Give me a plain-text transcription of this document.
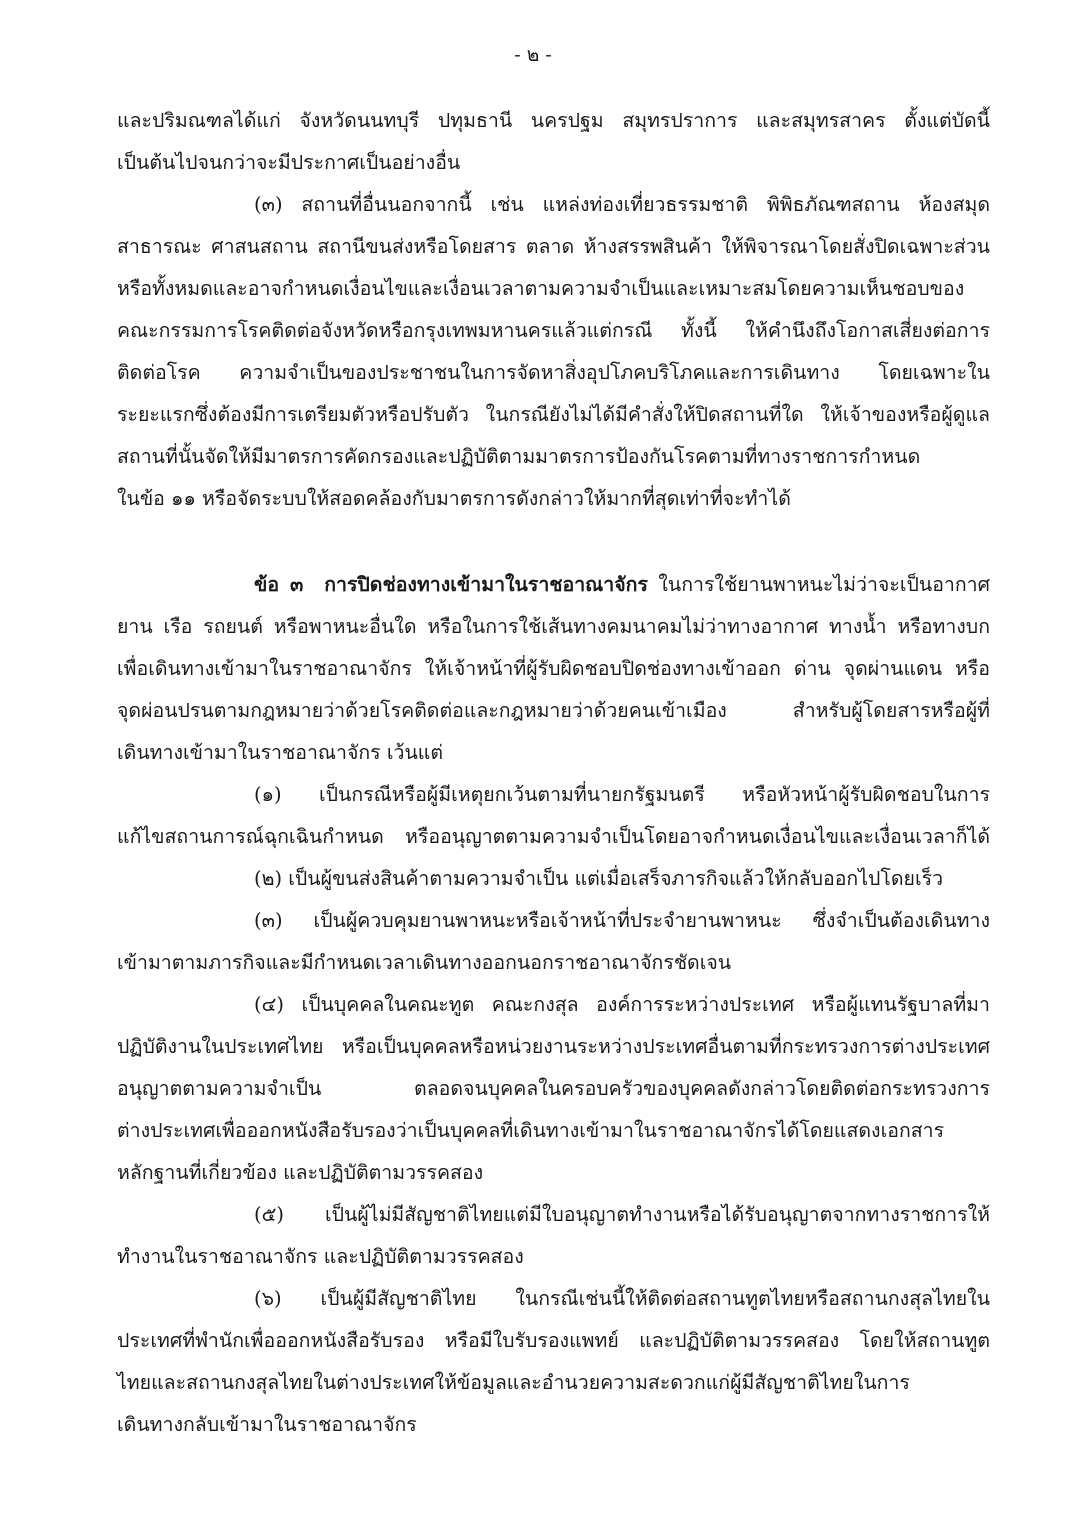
- ๒ -
และปริมณฑลได้แก่ จังหวัดนนทบุรี ปทุมธานี นครปฐม สมุทรปราการ และสมุทรสาคร ตั้งแต่บัดนี้
เป็นต้นไปจนกว่าจะมีประกาศเป็นอย่างอื่น
(๓) สถานที่อื่นนอกจากนี้ เช่น แหล่งท่องเที่ยวธรรมชาติ พิพิธภัณฑสถาน ห้องสมุด
สาธารณะ ศาสนสถาน สถานีขนส่งหรือโดยสาร ตลาด ห้างสรรพสินค้า ให้พิจารณาโดยสั่งปิดเฉพาะส่วน
หรือทั้งหมดและอาจกำหนดเงื่อนไขและเงื่อนเวลาตามความจำเป็นและเหมาะสมโดยความเห็นชอบของ
คณะกรรมการโรคติดต่อจังหวัดหรือกรุงเทพมหานครแล้วแต่กรณี ทั้งนี้ ให้คำนึงถึงโอกาสเสี่ยงต่อการ
ติดต่อโรค ความจำเป็นของประชาชนในการจัดหาสิ่งอุปโภคบริโภคและการเดินทาง โดยเฉพาะใน
ระยะแรกซึ่งต้องมีการเตรียมตัวหรือปรับตัว ในกรณียังไม่ได้มีคำสั่งให้ปิดสถานที่ใด ให้เจ้าของหรือผู้ดูแล
สถานที่นั้นจัดให้มีมาตรการคัดกรองและปฏิบัติตามมาตรการป้องกันโรคตามที่ทางราชการกำหนด
ในข้อ ๑๑ หรือจัดระบบให้สอดคล้องกับมาตรการดังกล่าวให้มากที่สุดเท่าที่จะทำได้
ข้อ ๓ การปิดช่องทางเข้ามาในราชอาณาจักร ในการใช้ยานพาหนะไม่ว่าจะเป็นอากาศ
ยาน เรือ รถยนต์ หรือพาหนะอื่นใด หรือในการใช้เส้นทางคมนาคมไม่ว่าทางอากาศ ทางน้ำ หรือทางบก
เพื่อเดินทางเข้ามาในราชอาณาจักร ให้เจ้าหน้าที่ผู้รับผิดชอบปิดช่องทางเข้าออก ด่าน จุดผ่านแดน หรือ
จุดผ่อนปรนตามกฎหมายว่าด้วยโรคติดต่อและกฎหมายว่าด้วยคนเข้าเมือง สำหรับผู้โดยสารหรือผู้ที่
เดินทางเข้ามาในราชอาณาจักร เว้นแต่
(๑) เป็นกรณีหรือผู้มีเหตุยกเว้นตามที่นายกรัฐมนตรี หรือหัวหน้าผู้รับผิดชอบในการ
แก้ไขสถานการณ์ฉุกเฉินกำหนด หรืออนุญาตตามความจำเป็นโดยอาจกำหนดเงื่อนไขและเงื่อนเวลาก็ได้
(๒) เป็นผู้ขนส่งสินค้าตามความจำเป็น แต่เมื่อเสร็จภารกิจแล้วให้กลับออกไปโดยเร็ว
(๓) เป็นผู้ควบคุมยานพาหนะหรือเจ้าหน้าที่ประจำยานพาหนะ ซึ่งจำเป็นต้องเดินทาง
เข้ามาตามภารกิจและมีกำหนดเวลาเดินทางออกนอกราชอาณาจักรชัดเจน
(๔) เป็นบุคคลในคณะทูต คณะกงสุล องค์การระหว่างประเทศ หรือผู้แทนรัฐบาลที่มา
ปฏิบัติงานในประเทศไทย หรือเป็นบุคคลหรือหน่วยงานระหว่างประเทศอื่นตามที่กระทรวงการต่างประเทศ
อนุญาตตามความจำเป็น ตลอดจนบุคคลในครอบครัวของบุคคลดังกล่าวโดยติดต่อกระทรวงการ
ต่างประเทศเพื่อออกหนังสือรับรองว่าเป็นบุคคลที่เดินทางเข้ามาในราชอาณาจักรได้โดยแสดงเอกสาร
หลักฐานที่เกี่ยวข้อง และปฏิบัติตามวรรคสอง
(๕) เป็นผู้ไม่มีสัญชาติไทยแต่มีใบอนุญาตทำงานหรือได้รับอนุญาตจากทางราชการให้
ทำงานในราชอาณาจักร และปฏิบัติตามวรรคสอง
(๖) เป็นผู้มีสัญชาติไทย ในกรณีเช่นนี้ให้ติดต่อสถานทูตไทยหรือสถานกงสุลไทยใน
ประเทศที่พำนักเพื่อออกหนังสือรับรอง หรือมีใบรับรองแพทย์ และปฏิบัติตามวรรคสอง โดยให้สถานทูต
ไทยและสถานกงสุลไทยในต่างประเทศให้ข้อมูลและอำนวยความสะดวกแก่ผู้มีสัญชาติไทยในการ
เดินทางกลับเข้ามาในราชอาณาจักร
